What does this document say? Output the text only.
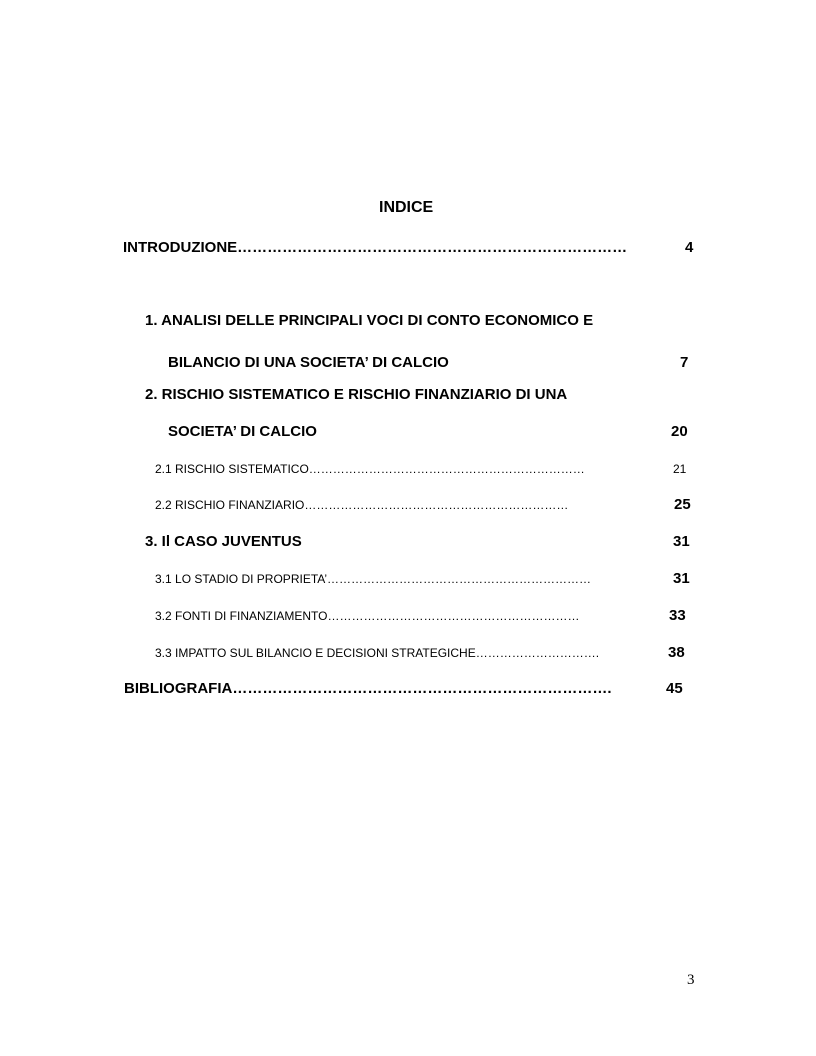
INDICE
INTRODUZIONE……………………………………………………………………	4
1. ANALISI DELLE PRINCIPALI VOCI DI CONTO ECONOMICO E
BILANCIO DI UNA SOCIETA’ DI CALCIO	7
2. RISCHIO SISTEMATICO E RISCHIO FINANZIARIO DI UNA
SOCIETA’ DI CALCIO	20
2.1 RISCHIO SISTEMATICO……………………………………………………………	21
2.2 RISCHIO FINANZIARIO…………………………………………………………	25
3. Il CASO JUVENTUS	31
3.1 LO STADIO DI PROPRIETA’…………………………………………………………	31
3.2 FONTI DI FINANZIAMENTO………………………………………………………	33
3.3 IMPATTO SUL BILANCIO E DECISIONI STRATEGICHE………………………….	38
BIBLIOGRAFIA………………………………………………………………….	45
3
